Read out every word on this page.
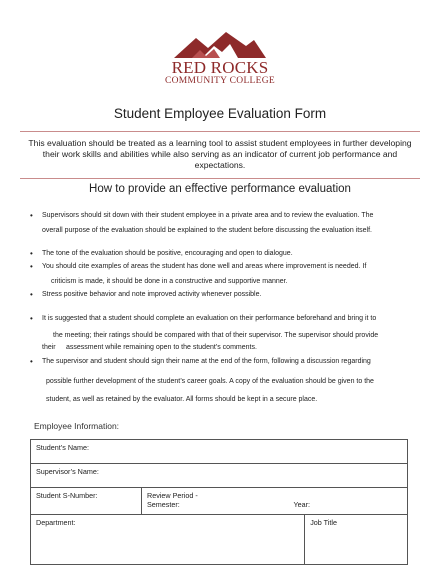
RED ROCKS
COMMUNITY COLLEGE
Student Employee Evaluation Form
This evaluation should be treated as a learning tool to assist student employees in further developing their work skills and abilities while also serving as an indicator of current job performance and expectations.
How to provide an effective performance evaluation
•	Supervisors should sit down with their student employee in a private area and to review the evaluation. The
overall purpose of the evaluation should be explained to the student before discussing the evaluation itself.
•	The tone of the evaluation should be positive, encouraging and open to dialogue.
•	You should cite examples of areas the student has done well and areas where improvement is needed. If
criticism is made, it should be done in a constructive and supportive manner.
•	Stress positive behavior and note improved activity whenever possible.
•	It is suggested that a student should complete an evaluation on their performance beforehand and bring it to
the meeting; their ratings should be compared with that of their supervisor. The supervisor should provide
their assessment while remaining open to the student’s comments.
•	The supervisor and student should sign their name at the end of the form, following a discussion regarding
possible further development of the student’s career goals. A copy of the evaluation should be given to the
student, as well as retained by the evaluator. All forms should be kept in a secure place.
Employee Information:
Student’s Name:		
Supervisor’s Name:		
Student S-Number:	Review Period -
Semester: Year:	

Department:		Job Title
